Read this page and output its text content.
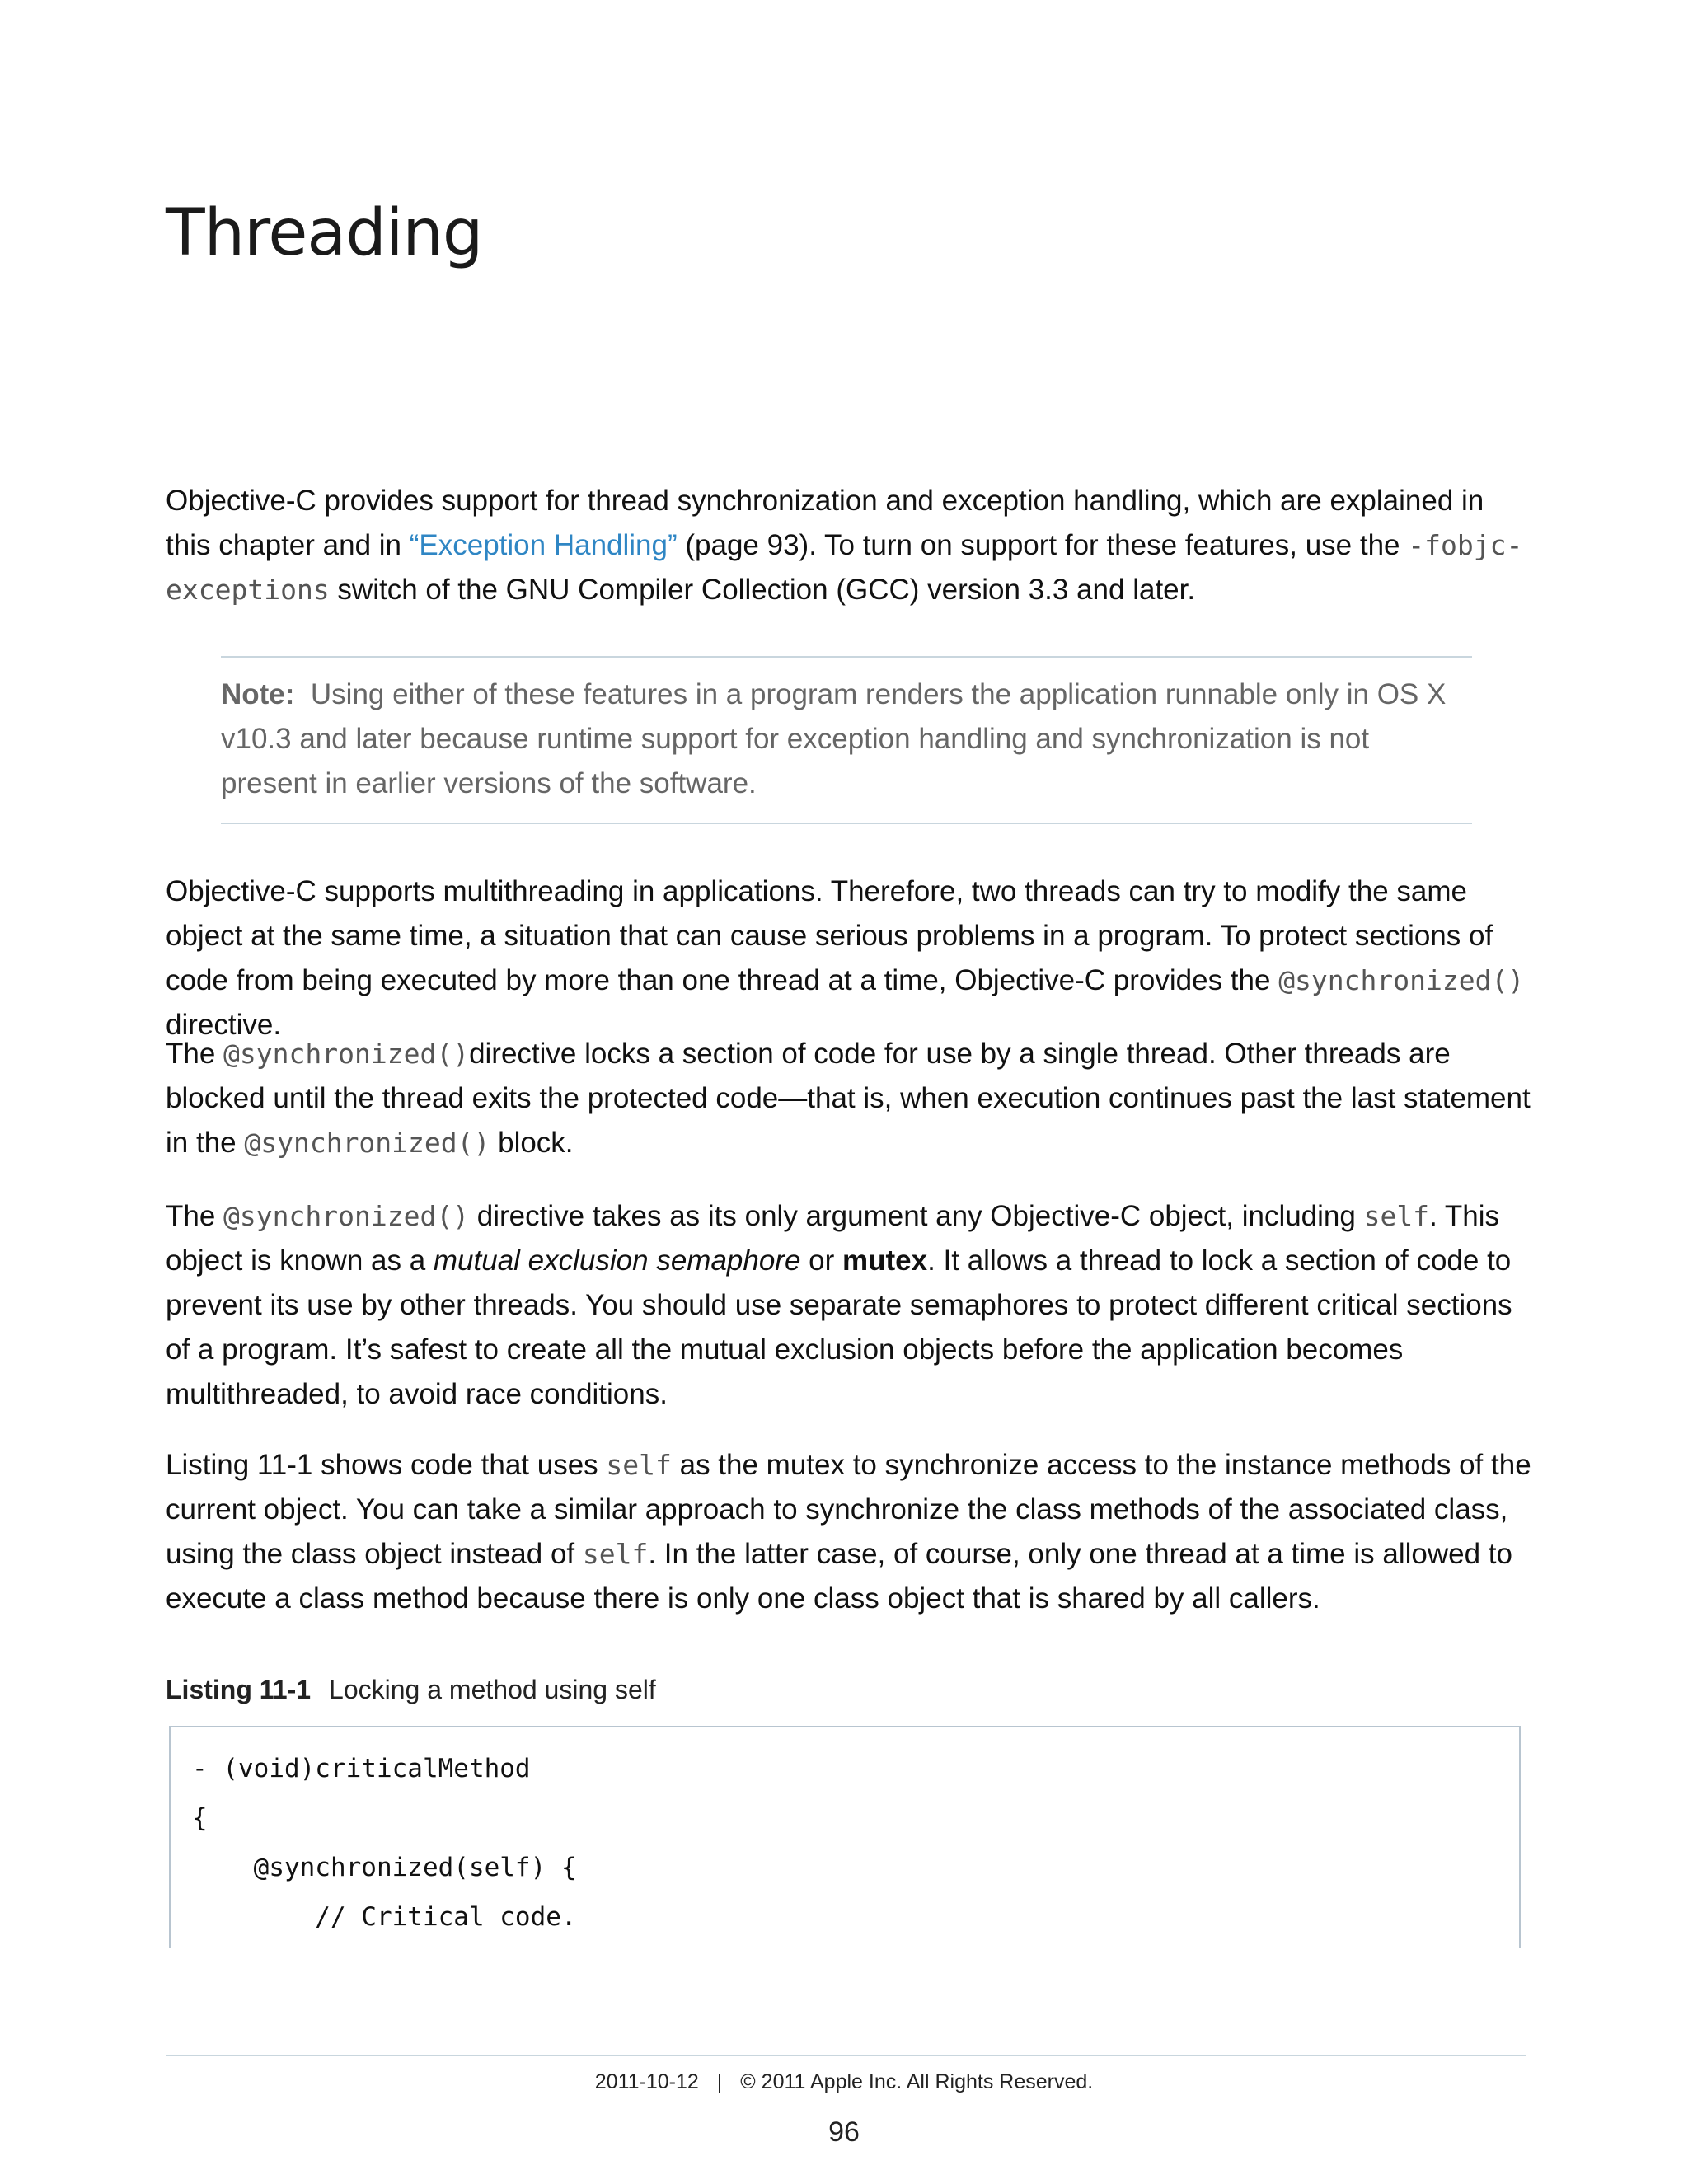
Threading

Objective-C provides support for thread synchronization and exception handling, which are explained in this chapter and in “Exception Handling” (page 93). To turn on support for these features, use the -fobjc-exceptions switch of the GNU Compiler Collection (GCC) version 3.3 and later.

Note: Using either of these features in a program renders the application runnable only in OS X v10.3 and later because runtime support for exception handling and synchronization is not present in earlier versions of the software.

Objective-C supports multithreading in applications. Therefore, two threads can try to modify the same object at the same time, a situation that can cause serious problems in a program. To protect sections of code from being executed by more than one thread at a time, Objective-C provides the @synchronized() directive.

The @synchronized()directive locks a section of code for use by a single thread. Other threads are blocked until the thread exits the protected code—that is, when execution continues past the last statement in the @synchronized() block.

The @synchronized() directive takes as its only argument any Objective-C object, including self. This object is known as a mutual exclusion semaphore or mutex. It allows a thread to lock a section of code to prevent its use by other threads. You should use separate semaphores to protect different critical sections of a program. It’s safest to create all the mutual exclusion objects before the application becomes multithreaded, to avoid race conditions.

Listing 11-1 shows code that uses self as the mutex to synchronize access to the instance methods of the current object. You can take a similar approach to synchronize the class methods of the associated class, using the class object instead of self. In the latter case, of course, only one thread at a time is allowed to execute a class method because there is only one class object that is shared by all callers.

Listing 11-1 Locking a method using self

- (void)criticalMethod
{
@synchronized(self) {
// Critical code.
2011-10-12 | © 2011 Apple Inc. All Rights Reserved.
96
